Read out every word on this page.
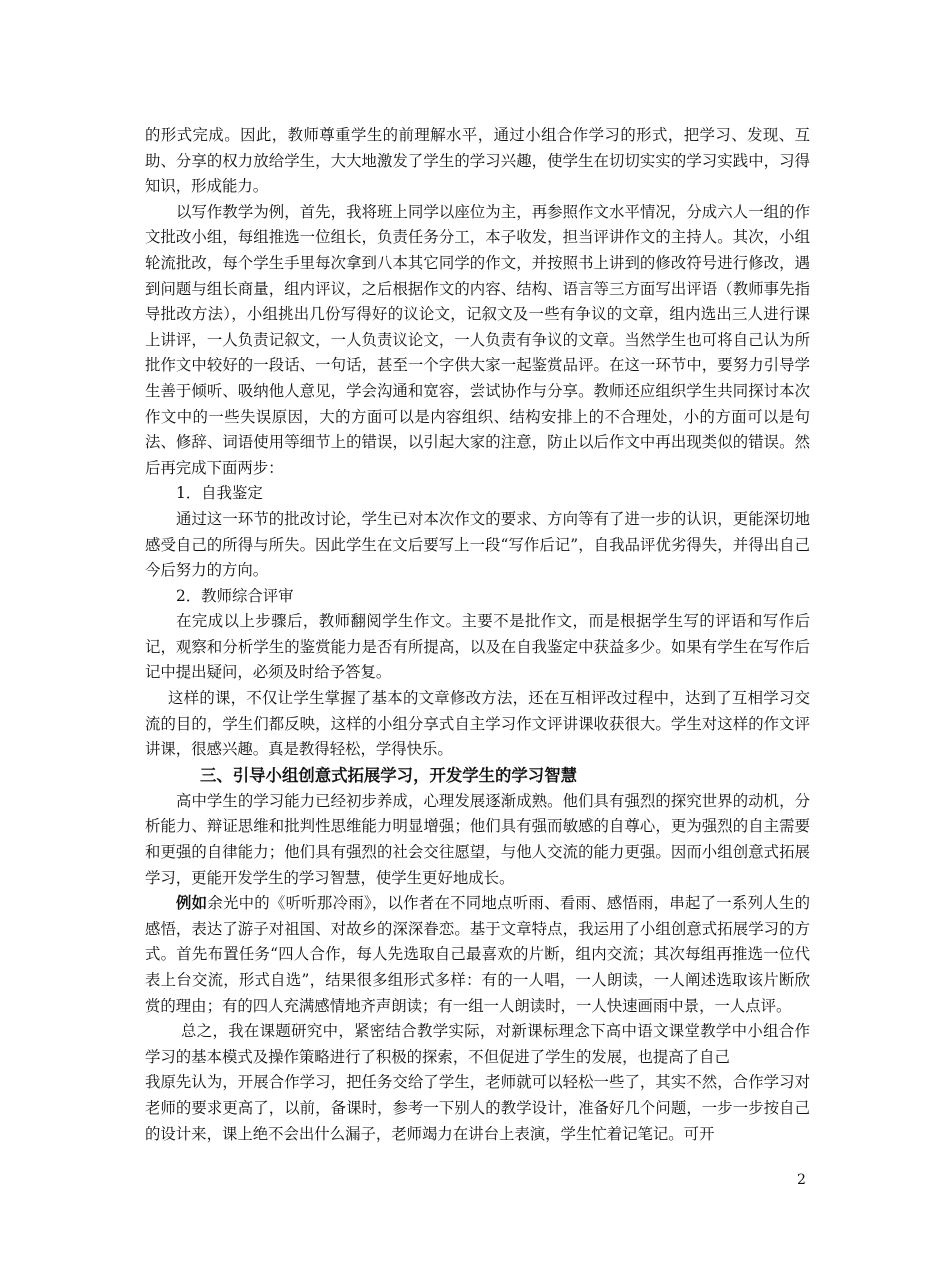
的形式完成。因此，教师尊重学生的前理解水平，通过小组合作学习的形式，把学习、发现、互助、分享的权力放给学生，大大地激发了学生的学习兴趣，使学生在切切实实的学习实践中，习得知识，形成能力。

以写作教学为例，首先，我将班上同学以座位为主，再参照作文水平情况，分成六人一组的作文批改小组，每组推选一位组长，负责任务分工，本子收发，担当评讲作文的主持人。其次，小组轮流批改，每个学生手里每次拿到八本其它同学的作文，并按照书上讲到的修改符号进行修改，遇到问题与组长商量，组内评议，之后根据作文的内容、结构、语言等三方面写出评语（教师事先指导批改方法），小组挑出几份写得好的议论文，记叙文及一些有争议的文章，组内选出三人进行课上讲评，一人负责记叙文，一人负责议论文，一人负责有争议的文章。当然学生也可将自己认为所批作文中较好的一段话、一句话，甚至一个字供大家一起鉴赏品评。在这一环节中，要努力引导学生善于倾听、吸纳他人意见，学会沟通和宽容，尝试协作与分享。教师还应组织学生共同探讨本次作文中的一些失误原因，大的方面可以是内容组织、结构安排上的不合理处，小的方面可以是句法、修辞、词语使用等细节上的错误，以引起大家的注意，防止以后作文中再出现类似的错误。然后再完成下面两步：

1．自我鉴定

通过这一环节的批改讨论，学生已对本次作文的要求、方向等有了进一步的认识，更能深切地感受自己的所得与所失。因此学生在文后要写上一段“写作后记”，自我品评优劣得失，并得出自己今后努力的方向。

2．教师综合评审

在完成以上步骤后，教师翻阅学生作文。主要不是批作文，而是根据学生写的评语和写作后记，观察和分析学生的鉴赏能力是否有所提高，以及在自我鉴定中获益多少。如果有学生在写作后记中提出疑问，必须及时给予答复。

这样的课，不仅让学生掌握了基本的文章修改方法，还在互相评改过程中，达到了互相学习交流的目的，学生们都反映，这样的小组分享式自主学习作文评讲课收获很大。学生对这样的作文评讲课，很感兴趣。真是教得轻松，学得快乐。

三、引导小组创意式拓展学习，开发学生的学习智慧

高中学生的学习能力已经初步养成，心理发展逐渐成熟。他们具有强烈的探究世界的动机，分析能力、辩证思维和批判性思维能力明显增强；他们具有强而敏感的自尊心，更为强烈的自主需要和更强的自律能力；他们具有强烈的社会交往愿望，与他人交流的能力更强。因而小组创意式拓展学习，更能开发学生的学习智慧，使学生更好地成长。

例如余光中的《听听那冷雨》，以作者在不同地点听雨、看雨、感悟雨，串起了一系列人生的感悟，表达了游子对祖国、对故乡的深深眷恋。基于文章特点，我运用了小组创意式拓展学习的方式。首先布置任务“四人合作，每人先选取自己最喜欢的片断，组内交流；其次每组再推选一位代表上台交流，形式自选”，结果很多组形式多样：有的一人唱，一人朗读，一人阐述选取该片断欣赏的理由；有的四人充满感情地齐声朗读；有一组一人朗读时，一人快速画雨中景，一人点评。

总之，我在课题研究中，紧密结合教学实际，对新课标理念下高中语文课堂教学中小组合作学习的基本模式及操作策略进行了积极的探索，不但促进了学生的发展，也提高了自己

我原先认为，开展合作学习，把任务交给了学生，老师就可以轻松一些了，其实不然，合作学习对老师的要求更高了，以前，备课时，参考一下别人的教学设计，准备好几个问题，一步一步按自己的设计来，课上绝不会出什么漏子，老师竭力在讲台上表演，学生忙着记笔记。可开

2
